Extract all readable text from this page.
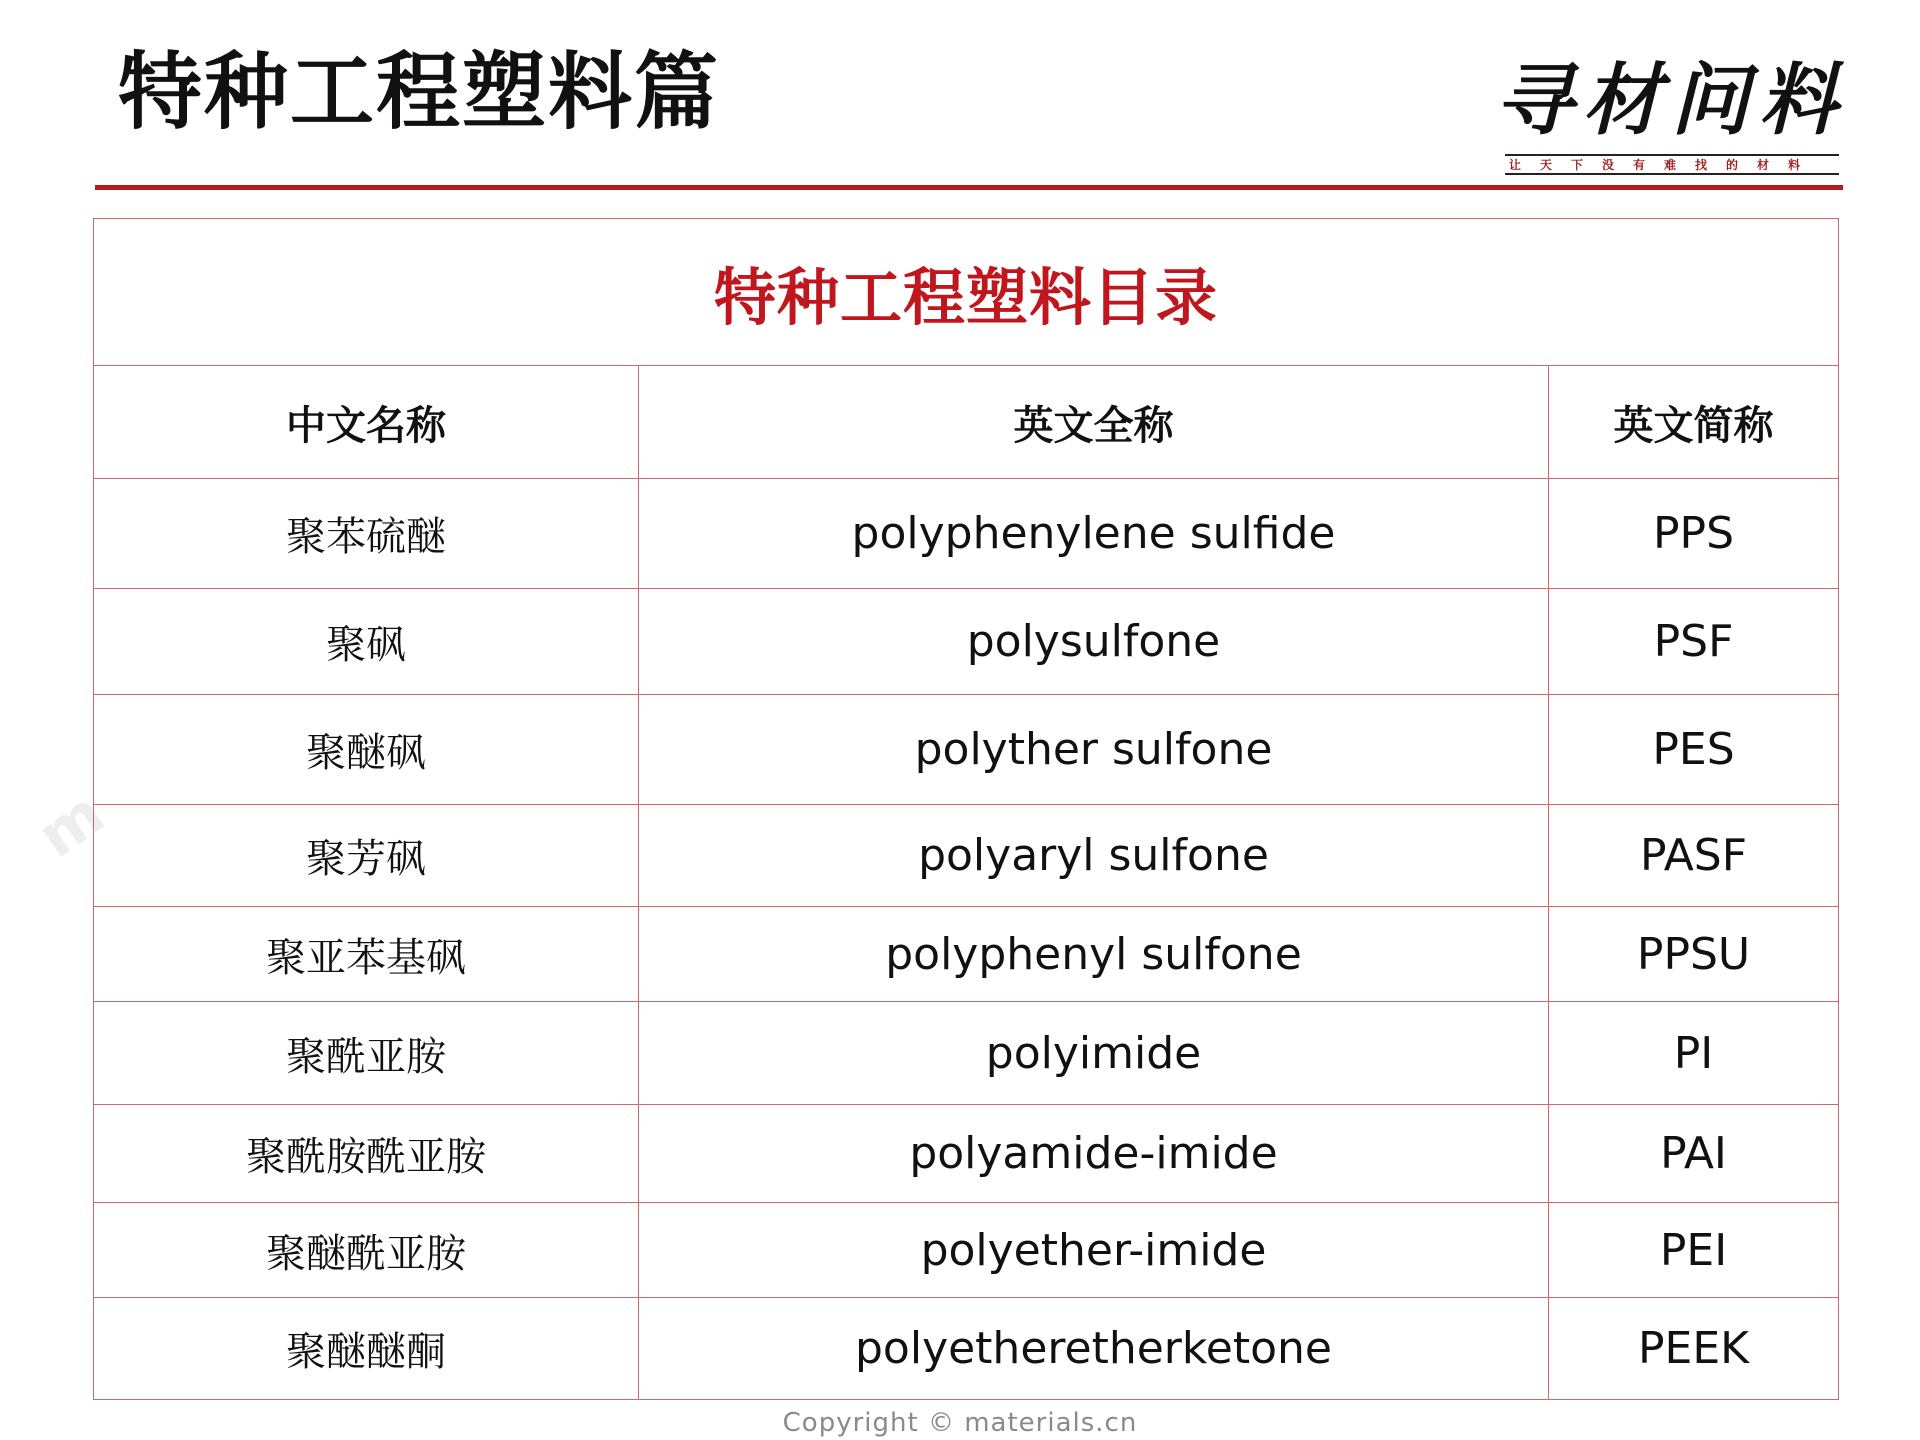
m
特种工程塑料篇	寻材问料
让天下没有难找的材料
特种工程塑料目录		
中文名称	英文全称	英文简称
聚苯硫醚	polyphenylene sulfide	PPS
聚砜	polysulfone	PSF
聚醚砜	polyther sulfone	PES
聚芳砜	polyaryl sulfone	PASF
聚亚苯基砜	polyphenyl sulfone	PPSU
聚酰亚胺	polyimide	PI
聚酰胺酰亚胺	polyamide-imide	PAI
聚醚酰亚胺	polyether-imide	PEI
聚醚醚酮	polyetheretherketone	PEEK
Copyright © materials.cn
